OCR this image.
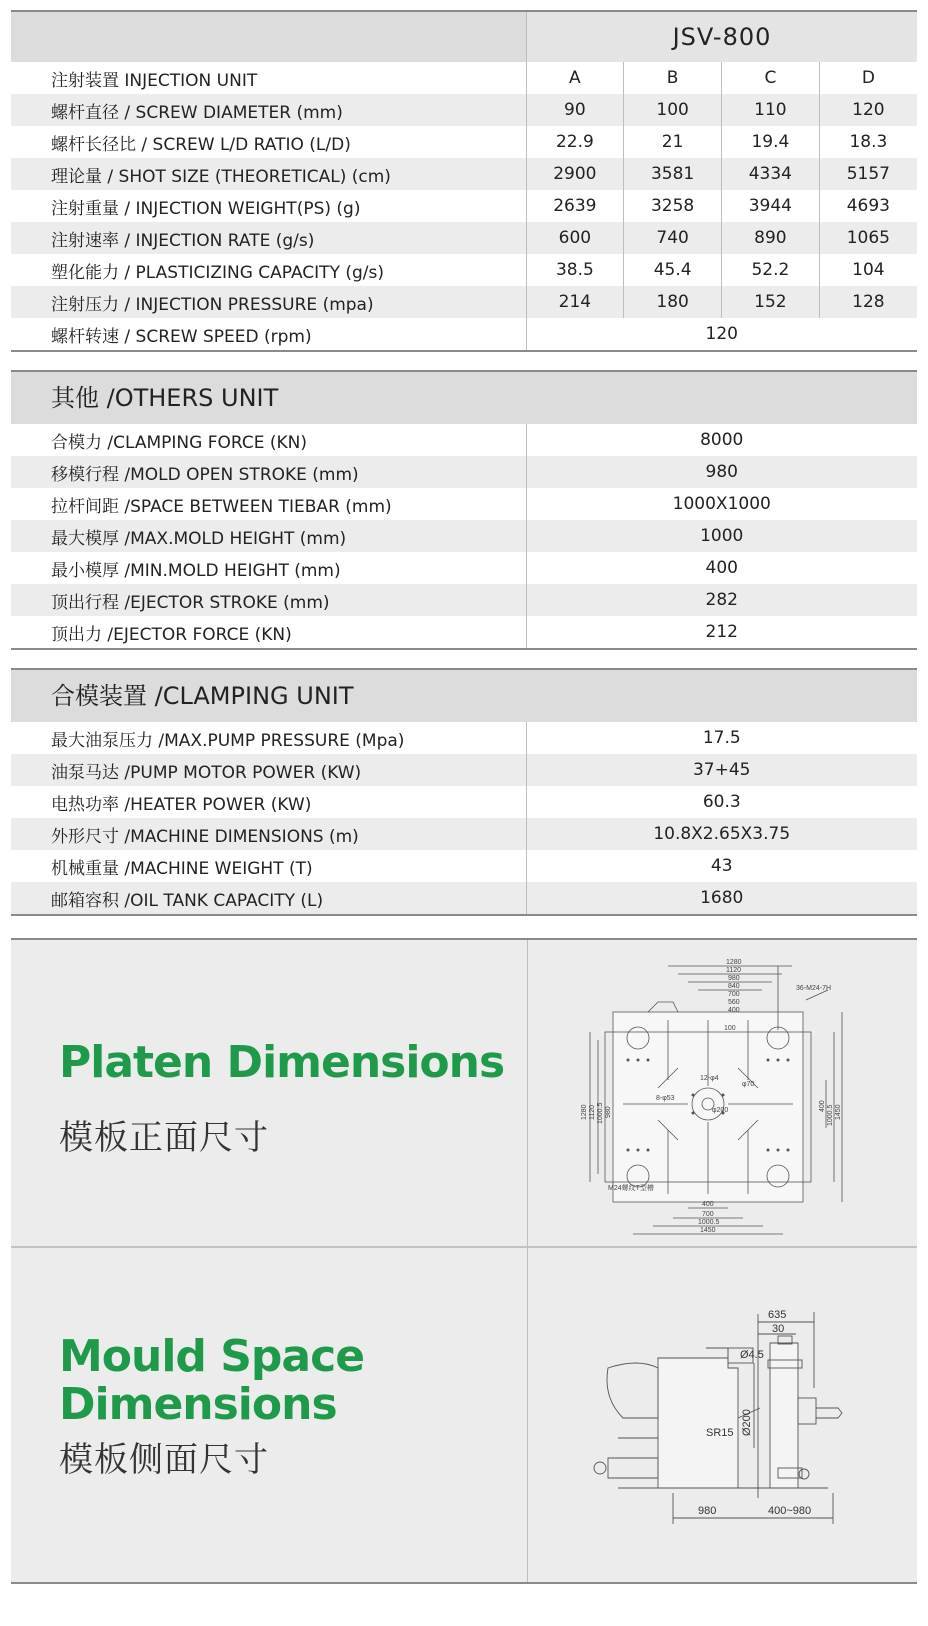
JSV-800
注射装置 INJECTION UNIT	A	B	C	D
螺杆直径 / SCREW DIAMETER (mm)	90	100	110	120
螺杆长径比 / SCREW L/D RATIO (L/D)	22.9	21	19.4	18.3
理论量 / SHOT SIZE (THEORETICAL) (cm)	2900	3581	4334	5157
注射重量 / INJECTION WEIGHT(PS) (g)	2639	3258	3944	4693
注射速率 / INJECTION RATE (g/s)	600	740	890	1065
塑化能力 / PLASTICIZING CAPACITY (g/s)	38.5	45.4	52.2	104
注射压力 / INJECTION PRESSURE (mpa)	214	180	152	128
螺杆转速 / SCREW SPEED (rpm)	120			
其他 /OTHERS UNIT
合模力 /CLAMPING FORCE (KN)	8000
移模行程 /MOLD OPEN STROKE (mm)	980
拉杆间距 /SPACE BETWEEN TIEBAR (mm)	1000X1000
最大模厚 /MAX.MOLD HEIGHT (mm)	1000
最小模厚 /MIN.MOLD HEIGHT (mm)	400
顶出行程 /EJECTOR STROKE (mm)	282
顶出力 /EJECTOR FORCE (KN)	212
合模装置 /CLAMPING UNIT
最大油泵压力 /MAX.PUMP PRESSURE (Mpa)	17.5
油泵马达 /PUMP MOTOR POWER (KW)	37+45
电热功率 /HEATER POWER (KW)	60.3
外形尺寸 /MACHINE DIMENSIONS (m)	10.8X2.65X3.75
机械重量 /MACHINE WEIGHT (T)	43
邮箱容积 /OIL TANK CAPACITY (L)	1680
Platen Dimensions
模板正面尺寸
1280
1120
980
840
700
560
400
36-M24-7H
100
12-φ4
φ70
8-φ53
φ200
M24螺纹T型槽
400
700
1000.5
1450
1280 1120 1000.5 980
400 1000.5 1450
Mould Space
Dimensions
模板侧面尺寸
635
30
Ø4.5
Ø200
SR15
980	400~980
